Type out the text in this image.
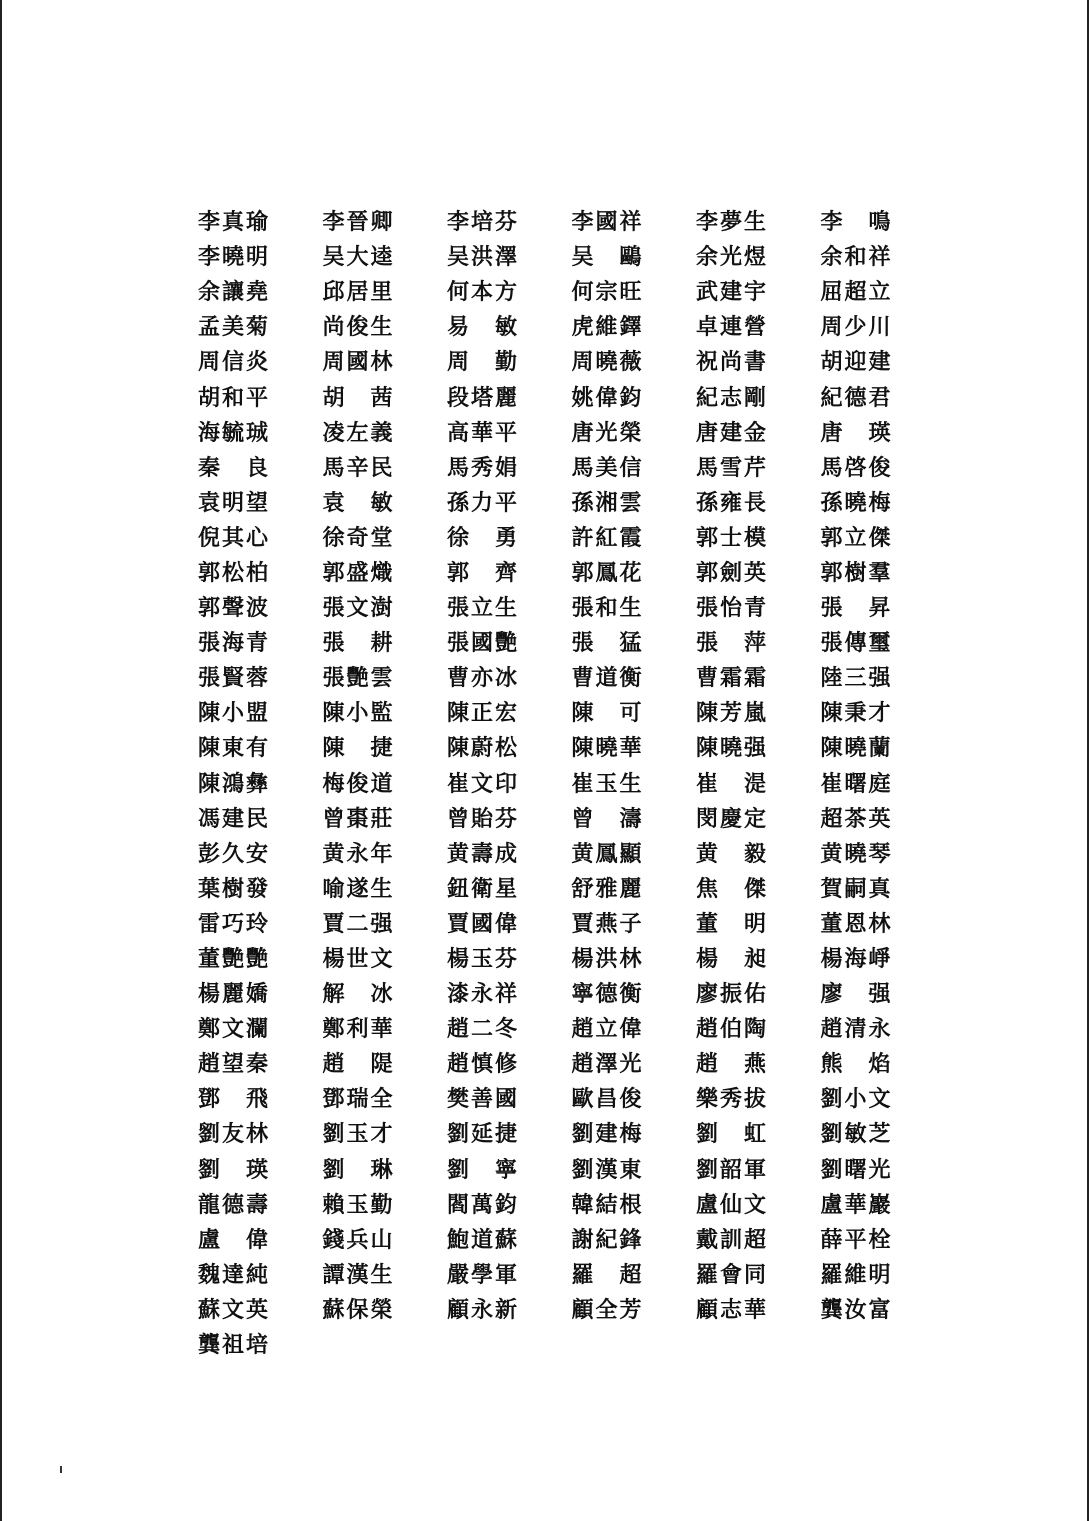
李真瑜	李晉卿	李培芬	李國祥	李夢生	李　鳴
李曉明	吴大逵	吴洪澤	吴　鷗	余光煜	余和祥
余讓堯	邱居里	何本方	何宗旺	武建宇	屈超立
孟美菊	尚俊生	易　敏	虎維鐸	卓連營	周少川
周信炎	周國林	周　勤	周曉薇	祝尚書	胡迎建
胡和平	胡　茜	段塔麗	姚偉鈞	紀志剛	紀德君
海毓珹	凌左義	高華平	唐光榮	唐建金	唐　瑛
秦　良	馬辛民	馬秀娟	馬美信	馬雪芹	馬啓俊
袁明望	袁　敏	孫力平	孫湘雲	孫雍長	孫曉梅
倪其心	徐奇堂	徐　勇	許紅霞	郭士模	郭立傑
郭松柏	郭盛熾	郭　齊	郭鳳花	郭劍英	郭樹羣
郭聲波	張文澍	張立生	張和生	張怡青	張　昇
張海青	張　耕	張國艷	張　猛	張　萍	張傳璽
張賢蓉	張艷雲	曹亦冰	曹道衡	曹霜霜	陸三强
陳小盟	陳小監	陳正宏	陳　可	陳芳嵐	陳秉才
陳東有	陳　捷	陳蔚松	陳曉華	陳曉强	陳曉蘭
陳鴻彝	梅俊道	崔文印	崔玉生	崔　湜	崔曙庭
馮建民	曾棗莊	曾貽芬	曾　濤	閔慶定	超茶英
彭久安	黄永年	黄壽成	黄鳳顯	黄　毅	黄曉琴
葉樹發	喻遂生	鈕衛星	舒雅麗	焦　傑	賀嗣真
雷巧玲	賈二强	賈國偉	賈燕子	董　明	董恩林
董艷艷	楊世文	楊玉芬	楊洪林	楊　昶	楊海崢
楊麗嬌	解　冰	漆永祥	寧德衡	廖振佑	廖　强
鄭文瀾	鄭利華	趙二冬	趙立偉	趙伯陶	趙清永
趙望秦	趙　隄	趙慎修	趙澤光	趙　燕	熊　焰
鄧　飛	鄧瑞全	樊善國	歐昌俊	樂秀拔	劉小文
劉友林	劉玉才	劉延捷	劉建梅	劉　虹	劉敏芝
劉　瑛	劉　琳	劉　寧	劉漢東	劉韶軍	劉曙光
龍德壽	賴玉勤	閻萬鈞	韓結根	盧仙文	盧華巖
盧　偉	錢兵山	鮑道蘇	謝紀鋒	戴訓超	薛平栓
魏達純	譚漢生	嚴學軍	羅　超	羅會同	羅維明
蘇文英	蘇保榮	顧永新	顧全芳	顧志華	龔汝富
龔祖培
